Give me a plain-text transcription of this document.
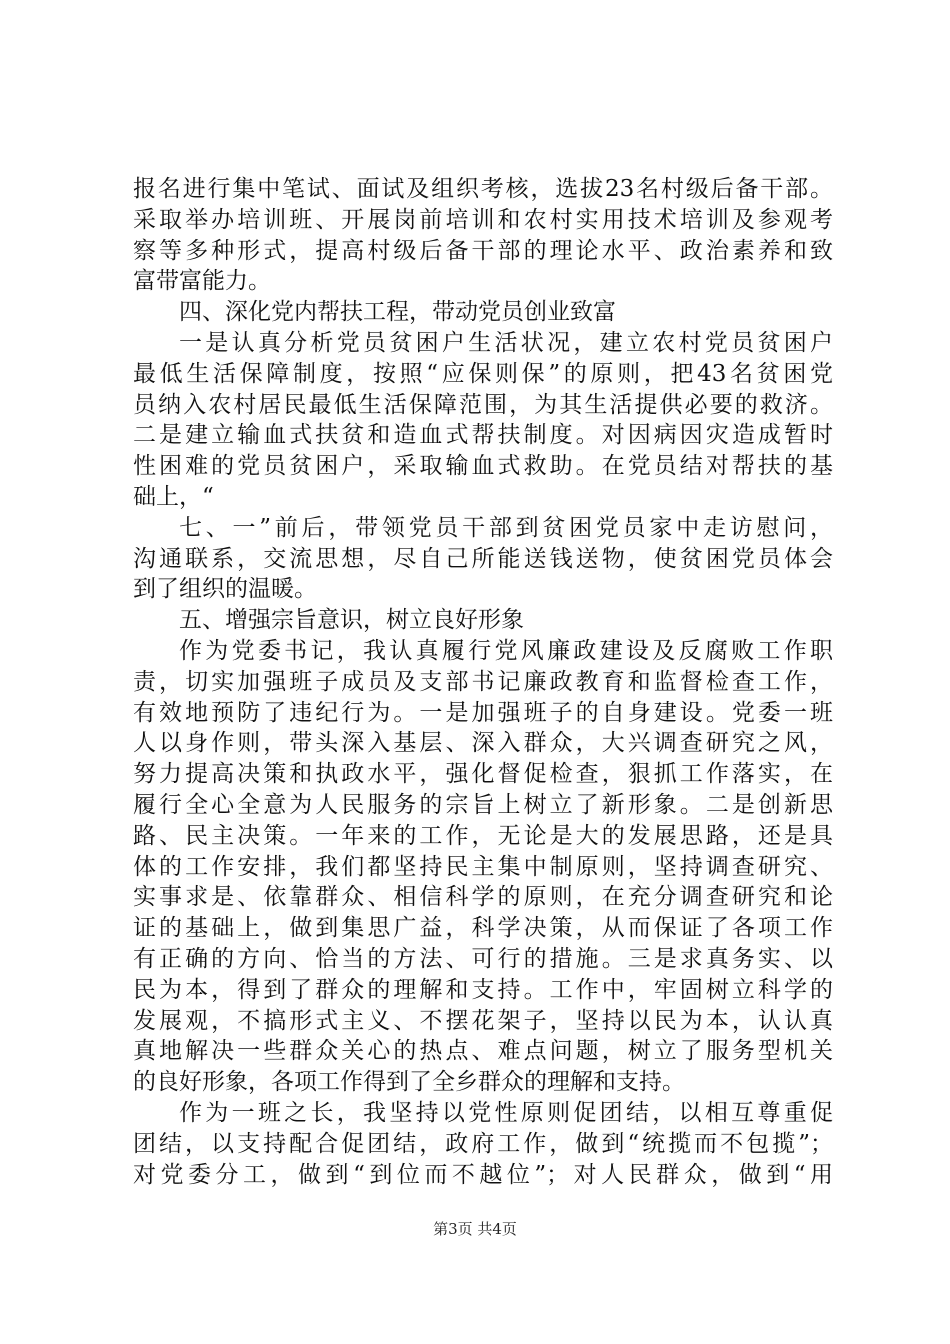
报名进行集中笔试、面试及组织考核，选拔23名村级后备干部。
采取举办培训班、开展岗前培训和农村实用技术培训及参观考
察等多种形式，提高村级后备干部的理论水平、政治素养和致
富带富能力。
四、深化党内帮扶工程，带动党员创业致富
一是认真分析党员贫困户生活状况，建立农村党员贫困户
最低生活保障制度，按照“应保则保”的原则，把43名贫困党
员纳入农村居民最低生活保障范围，为其生活提供必要的救济。
二是建立输血式扶贫和造血式帮扶制度。对因病因灾造成暂时
性困难的党员贫困户，采取输血式救助。在党员结对帮扶的基
础上，“
七、一”前后，带领党员干部到贫困党员家中走访慰问，
沟通联系，交流思想，尽自己所能送钱送物，使贫困党员体会
到了组织的温暖。
五、增强宗旨意识，树立良好形象
作为党委书记，我认真履行党风廉政建设及反腐败工作职
责，切实加强班子成员及支部书记廉政教育和监督检查工作，
有效地预防了违纪行为。一是加强班子的自身建设。党委一班
人以身作则，带头深入基层、深入群众，大兴调查研究之风，
努力提高决策和执政水平，强化督促检查，狠抓工作落实，在
履行全心全意为人民服务的宗旨上树立了新形象。二是创新思
路、民主决策。一年来的工作，无论是大的发展思路，还是具
体的工作安排，我们都坚持民主集中制原则，坚持调查研究、
实事求是、依靠群众、相信科学的原则，在充分调查研究和论
证的基础上，做到集思广益，科学决策，从而保证了各项工作
有正确的方向、恰当的方法、可行的措施。三是求真务实、以
民为本，得到了群众的理解和支持。工作中，牢固树立科学的
发展观，不搞形式主义、不摆花架子，坚持以民为本，认认真
真地解决一些群众关心的热点、难点问题，树立了服务型机关
的良好形象，各项工作得到了全乡群众的理解和支持。
作为一班之长，我坚持以党性原则促团结，以相互尊重促
团结，以支持配合促团结，政府工作，做到“统揽而不包揽”；
对党委分工，做到“到位而不越位”；对人民群众，做到“用
第3页 共4页
